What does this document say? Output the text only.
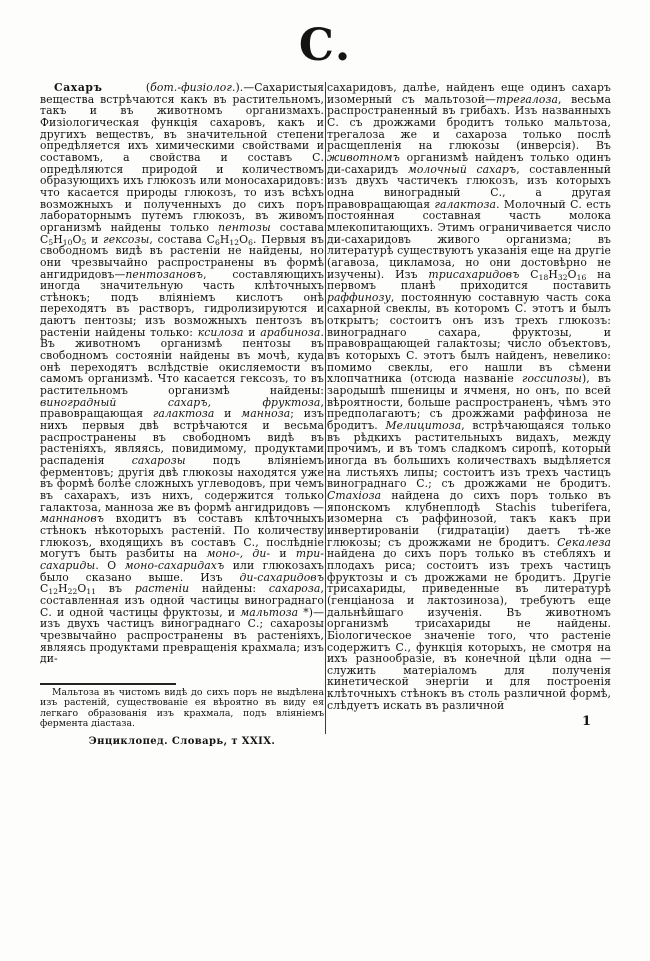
С.
Сахаръ (бот.-физіолог.).—Сахаристыя вещества встрѣчаются какъ въ растительномъ, такъ и въ животномъ организмахъ. Физіологическая функція сахаровъ, какъ и другихъ веществъ, въ значительной степени опредѣляется ихъ химическими свойствами и составомъ, а свойства и составъ С. опредѣляются природой и количествомъ образующихъ ихъ глюкозъ или моносахаридовъ: что касается природы глюкозъ, то изъ всѣхъ возможныхъ и полученныхъ до сихъ поръ лабораторнымъ путемъ глюкозъ, въ живомъ организмѣ найдены только пентозы состава $C_5H_{10}O_5$ и гексозы, состава $C_6H_{12}O_6$. Первыя въ свободномъ видѣ въ растеніи не найдены, но они чрезвычайно распространены въ формѣ ангидридовъ—пентозановъ, составляющихъ иногда значительную часть клѣточныхъ стѣнокъ; подъ вліяніемъ кислотъ онѣ переходятъ въ растворъ, гидролизируются и даютъ пентозы; изъ возможныхъ пентозъ въ растеніи найдены только: ксилоза и арабиноза. Въ животномъ организмѣ пентозы въ свободномъ состояніи найдены въ мочѣ, куда онѣ переходятъ вслѣдствіе окисляемости въ самомъ организмѣ. Что касается гексозъ, то въ растительномъ организмѣ найдены: виноградный сахаръ, фруктоза, правовращающая галактоза и манноза; изъ нихъ первыя двѣ встрѣчаются и весьма распространены въ свободномъ видѣ въ растеніяхъ, являясь, повидимому, продуктами распаденія сахарозы подъ вліяніемъ ферментовъ; другія двѣ глюкозы находятся уже въ формѣ болѣе сложныхъ углеводовъ, при чемъ въ сахарахъ, изъ нихъ, содержится только галактоза, манноза же въ формѣ ангидридовъ — маннановъ входитъ въ составъ клѣточныхъ стѣнокъ нѣкоторыхъ растеній. По количеству глюкозъ, входящихъ въ составъ С., послѣдніе могутъ быть разбиты на моно-, ди- и три-сахариды. О моно-сахаридахъ или глюкозахъ было сказано выше. Изъ ди-сахаридовъ $C_{12}H_{22}O_{11}$ въ растеніи найдены: сахароза, составленная изъ одной частицы винограднаго С. и одной частицы фруктозы, и мальтоза *)—изъ двухъ частицъ винограднаго С.; сахарозы чрезвычайно распространены въ растеніяхъ, являясь продуктами превращенія крахмала; изъ ди-
Мальтоза въ чистомъ видѣ до сихъ поръ не выдѣлена изъ растеній, существованіе ея вѣроятно въ виду ея легкаго образованія изъ крахмала, подъ вліяніемъ фермента діастаза.
Энциклопед. Словарь, т XXIX.
сахаридовъ, далѣе, найденъ еще одинъ сахаръ изомерный съ мальтозой—трегалоза, весьма распространенный въ грибахъ. Изъ названныхъ С. съ дрожжами бродитъ только мальтоза, трегалоза же и сахароза только послѣ расщепленія на глюкозы (инверсія). Въ животномъ организмѣ найденъ только одинъ ди-сахаридъ молочный сахаръ, составленный изъ двухъ частичекъ глюкозъ, изъ которыхъ одна виноградный С., а другая правовращающая галактоза. Молочный С. есть постоянная составная часть молока млекопитающихъ. Этимъ ограничивается число ди-сахаридовъ живого организма; въ литературѣ существуютъ указанія еще на другіе (агавоза, цикламоза, но они достовѣрно не изучены). Изъ трисахаридовъ $C_{18}H_{32}O_{16}$ на первомъ планѣ приходится поставить раффинозу, постоянную составную часть сока сахарной свеклы, въ которомъ С. этотъ и былъ открытъ; состоитъ онъ изъ трехъ глюкозъ: винограднаго сахара, фруктозы, и правовращающей галактозы; число объектовъ, въ которыхъ С. этотъ былъ найденъ, невелико: помимо свеклы, его нашли въ сѣмени хлопчатника (отсюда названіе госсипозы), въ зародышѣ пшеницы и ячменя, но онъ, по всей вѣроятности, больше распространенъ, чѣмъ это предполагаютъ; съ дрожжами раффиноза не бродитъ. Мелицитоза, встрѣчающаяся только въ рѣдкихъ растительныхъ видахъ, между прочимъ, и въ томъ сладкомъ сиропѣ, который иногда въ большихъ количествахъ выдѣляется на листьяхъ липы; состоитъ изъ трехъ частицъ винограднаго С.; съ дрожжами не бродитъ. Стахіоза найдена до сихъ поръ только въ японскомъ клубнеплодѣ Stachis tuberifera, изомерна съ раффинозой, такъ какъ при инвертированіи (гидратаціи) даетъ тѣ-же глюкозы; съ дрожжами не бродитъ. Секалеза найдена до сихъ поръ только въ стебляхъ и плодахъ риса; состоитъ изъ трехъ частицъ фруктозы и съ дрожжами не бродитъ. Другіе трисахариды, приведенные въ литературѣ (генціаноза и лактозиноза), требуютъ еще дальнѣйшаго изученія. Въ животномъ организмѣ трисахариды не найдены. Біологическое значеніе того, что растеніе содержитъ С., функція которыхъ, не смотря на ихъ разнообразіе, въ конечной цѣли одна — служить матеріаломъ для полученія кинетической энергіи и для построенія клѣточныхъ стѣнокъ въ столь различной формѣ, слѣдуетъ искать въ различной
1
